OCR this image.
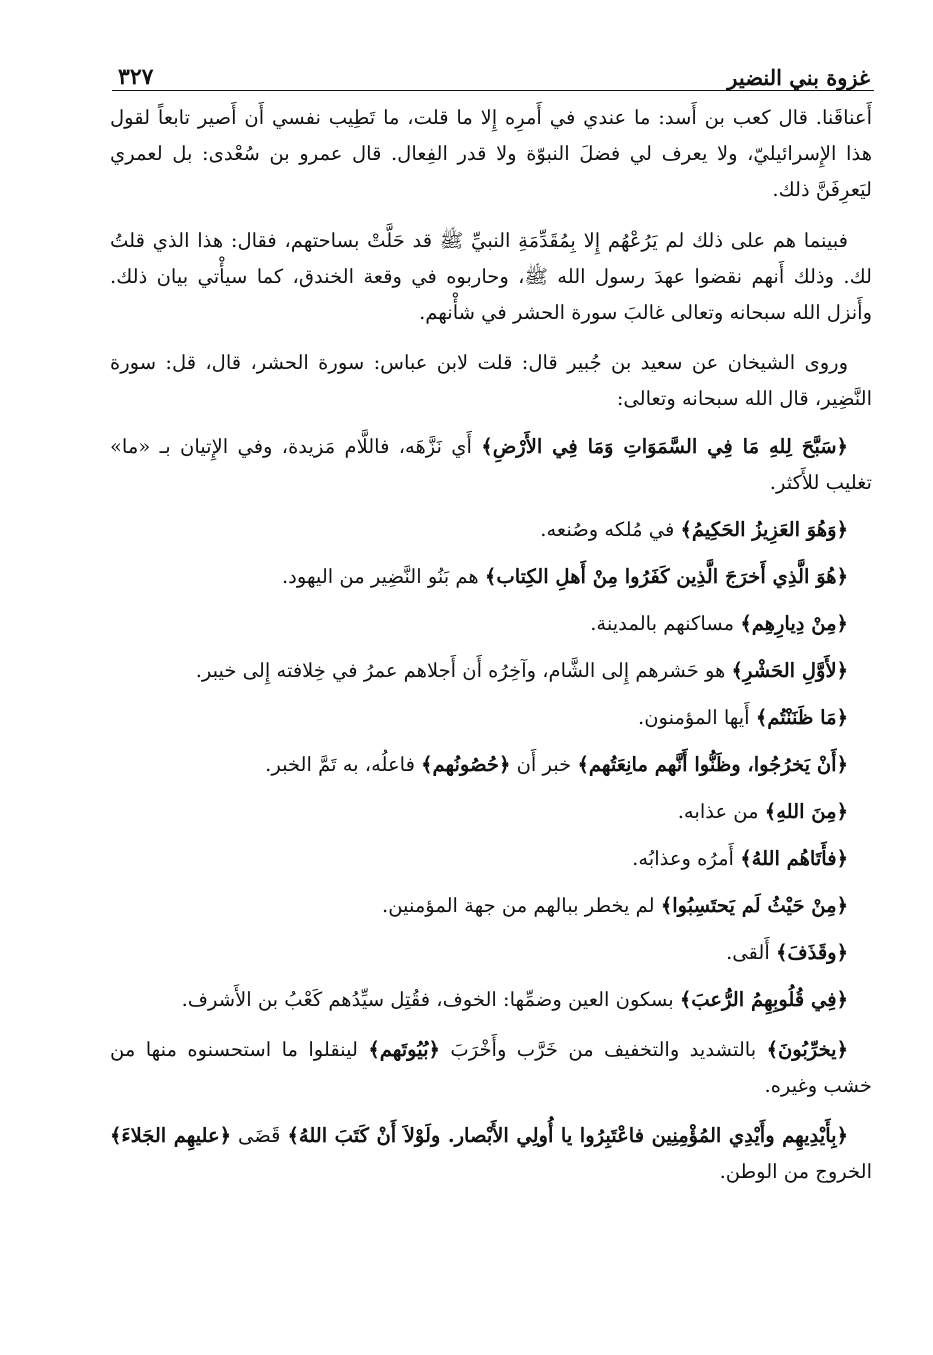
غزوة بني النضير
٣٢٧

أَعناقَنا. قال كعب بن أَسد: ما عندي في أَمرِه إِلا ما قلت، ما تَطِيب نفسي أَن أَصير تابعاً لقول هذا الإِسرائيليّ، ولا يعرف لي فضلَ النبوّة ولا قدر الفِعال. قال عمرو بن سُعْدى: بل لعمري ليَعرِفَنَّ ذلك.

فبينما هم على ذلك لم يَرُعْهُم إِلا بِمُقَدِّمَةِ النبيِّ ﷺ قد حَلَّتْ بساحتهم، فقال: هذا الذي قلتُ لك. وذلك أَنهم نقضوا عهدَ رسول الله ﷺ، وحاربوه في وقعة الخندق، كما سيأْتي بيان ذلك. وأَنزل الله سبحانه وتعالى غالبَ سورة الحشر في شأْنهم.

وروى الشيخان عن سعيد بن جُبير قال: قلت لابن عباس: سورة الحشر، قال، قل: سورة النَّضِير، قال الله سبحانه وتعالى:

﴿سَبَّحَ لِلهِ مَا فِي السَّمَوَاتِ وَمَا فِي الأَرْضِ﴾ أَي نَزَّهَه، فاللَّام مَزيدة، وفي الإِتيان بـ «ما» تغليب للأَكثر.

﴿وَهُوَ العَزِيزُ الحَكِيمُ﴾ في مُلكه وصُنعه.

﴿هُوَ الَّذِي أَخرَجَ الَّذِين كَفَرُوا مِنْ أَهلِ الكِتاب﴾ هم بَنُو النَّضِير من اليهود.

﴿مِنْ دِيارِهِم﴾ مساكنهم بالمدينة.

﴿لأَوَّلِ الحَشْرِ﴾ هو حَشرهم إِلى الشَّام، وآخِرُه أَن أَجلاهم عمرُ في خِلافته إِلى خيبر.

﴿مَا ظَنَنْتُم﴾ أَيها المؤمنون.

﴿أَنْ يَخرُجُوا، وظَنُّوا أَنَّهم مانِعَتُهم﴾ خبر أَن ﴿حُصُونُهم﴾ فاعلُه، به تَمَّ الخبر.

﴿مِنَ اللهِ﴾ من عذابه.

﴿فأَتَاهُم اللهُ﴾ أَمرُه وعذابُه.

﴿مِنْ حَيْثُ لَم يَحتَسِبُوا﴾ لم يخطر ببالهم من جهة المؤمنين.

﴿وقَذَفَ﴾ أَلقى.

﴿فِي قُلُوبِهِمُ الرُّعبَ﴾ بسكون العين وضمِّها: الخوف، فقُتِل سيِّدُهم كَعْبُ بن الأَشرف.

﴿يخرِّبُونَ﴾ بالتشديد والتخفيف من خَرَّب وأَخْرَبَ ﴿بُيُوتَهم﴾ لينقلوا ما استحسنوه منها من خشب وغيره.

﴿بِأَيْدِيهِم وأَيْدِي المُؤْمِنِين فاعْتَبِرُوا يا أُولِي الأَبْصار. ولَوْلاَ أَنْ كَتَبَ اللهُ﴾ قَضَى ﴿عليهِم الجَلاءَ﴾ الخروج من الوطن.
